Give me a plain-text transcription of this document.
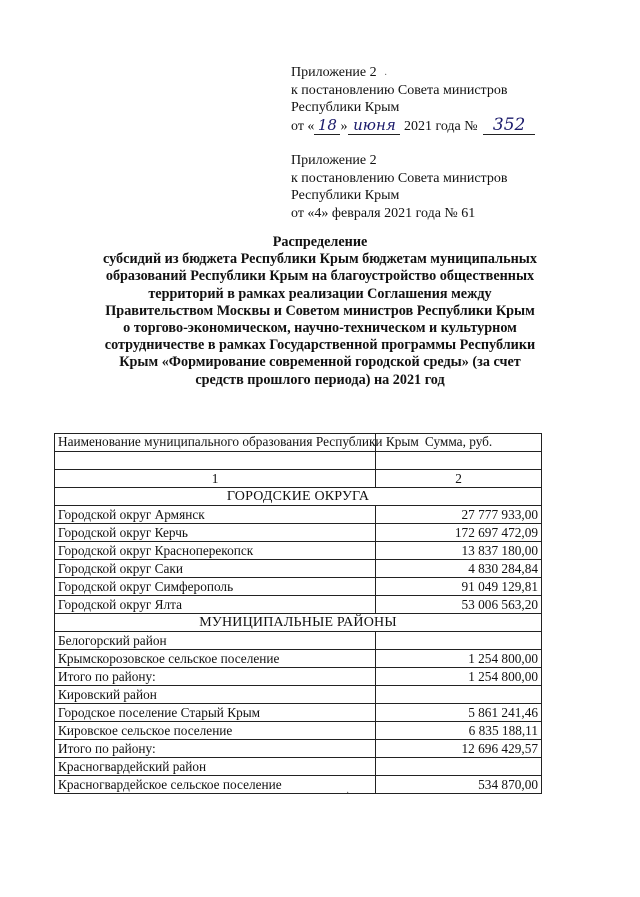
Приложение 2
к постановлению Совета министров
Республики Крым
от « 18 » июня 2021 года № 352
Приложение 2
к постановлению Совета министров
Республики Крым
от «4» февраля 2021 года № 61
Распределение
субсидий из бюджета Республики Крым бюджетам муниципальных
образований Республики Крым на благоустройство общественных
территорий в рамках реализации Соглашения между
Правительством Москвы и Советом министров Республики Крым
о торгово-экономическом, научно-техническом и культурном
сотрудничестве в рамках Государственной программы Республики
Крым «Формирование современной городской среды» (за счет
средств прошлого периода) на 2021 год
Наименование муниципального образования Республики Крым	Сумма, руб.

1	2
ГОРОДСКИЕ ОКРУГА	
Городской округ Армянск	27 777 933,00
Городской округ Керчь	172 697 472,09
Городской округ Красноперекопск	13 837 180,00
Городской округ Саки	4 830 284,84
Городской округ Симферополь	91 049 129,81
Городской округ Ялта	53 006 563,20
МУНИЦИПАЛЬНЫЕ РАЙОНЫ	
Белогорский район	
Крымскорозовское сельское поселение	1 254 800,00
Итого по району:	1 254 800,00
Кировский район	
Городское поселение Старый Крым	5 861 241,46
Кировское сельское поселение	6 835 188,11
Итого по району:	12 696 429,57
Красногвардейский район	
Красногвардейское сельское поселение	534 870,00
·
·
